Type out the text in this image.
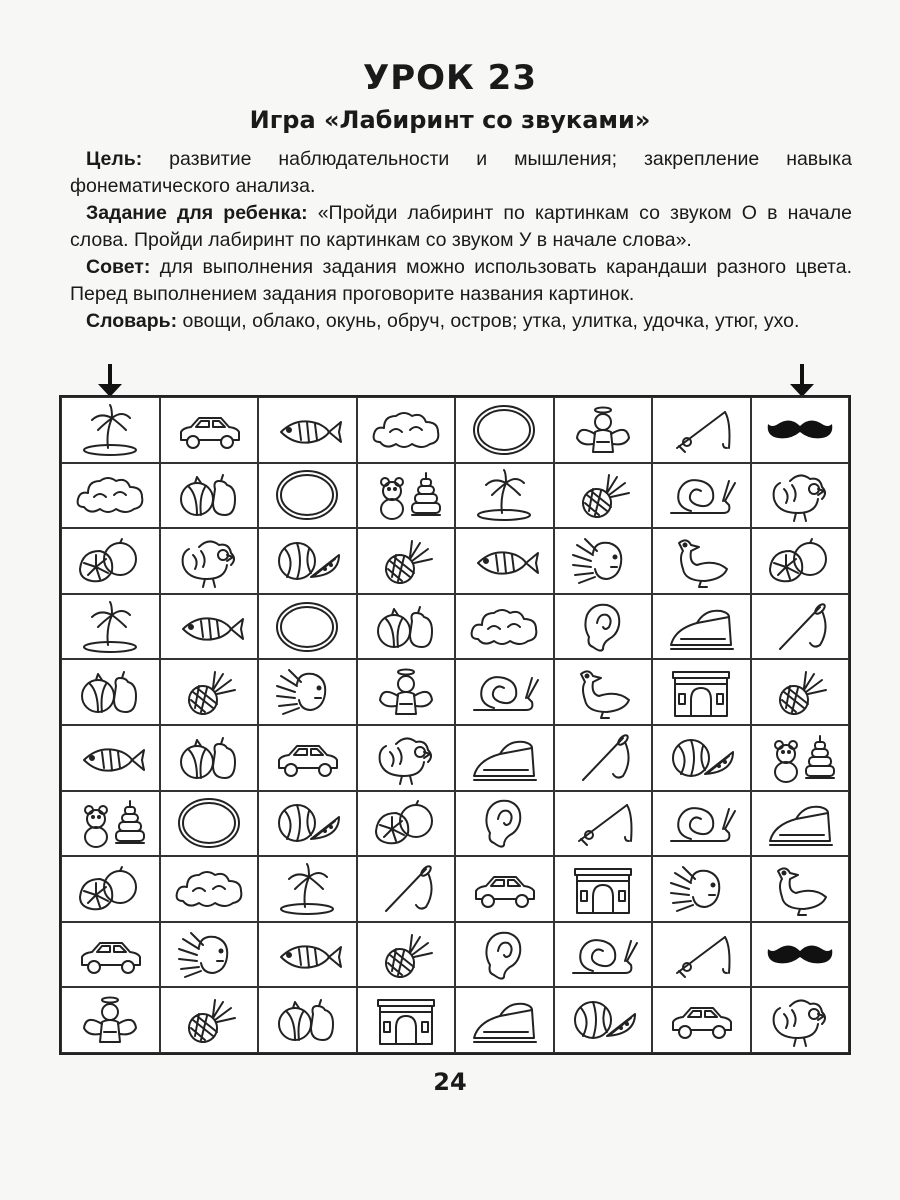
УРОК 23
Игра «Лабиринт со звуками»

Цель: развитие наблюдательности и мышления; закрепление навыка фонематического анализа.

Задание для ребенка: «Пройди лабиринт по картинкам со звуком О в начале слова. Пройди лабиринт по картинкам со звуком У в начале слова».

Совет: для выполнения задания можно использовать карандаши разного цвета. Перед выполнением задания проговорите названия картинок.

Словарь: овощи, облако, окунь, обруч, остров; утка, улитка, удочка, утюг, ухо.

24
